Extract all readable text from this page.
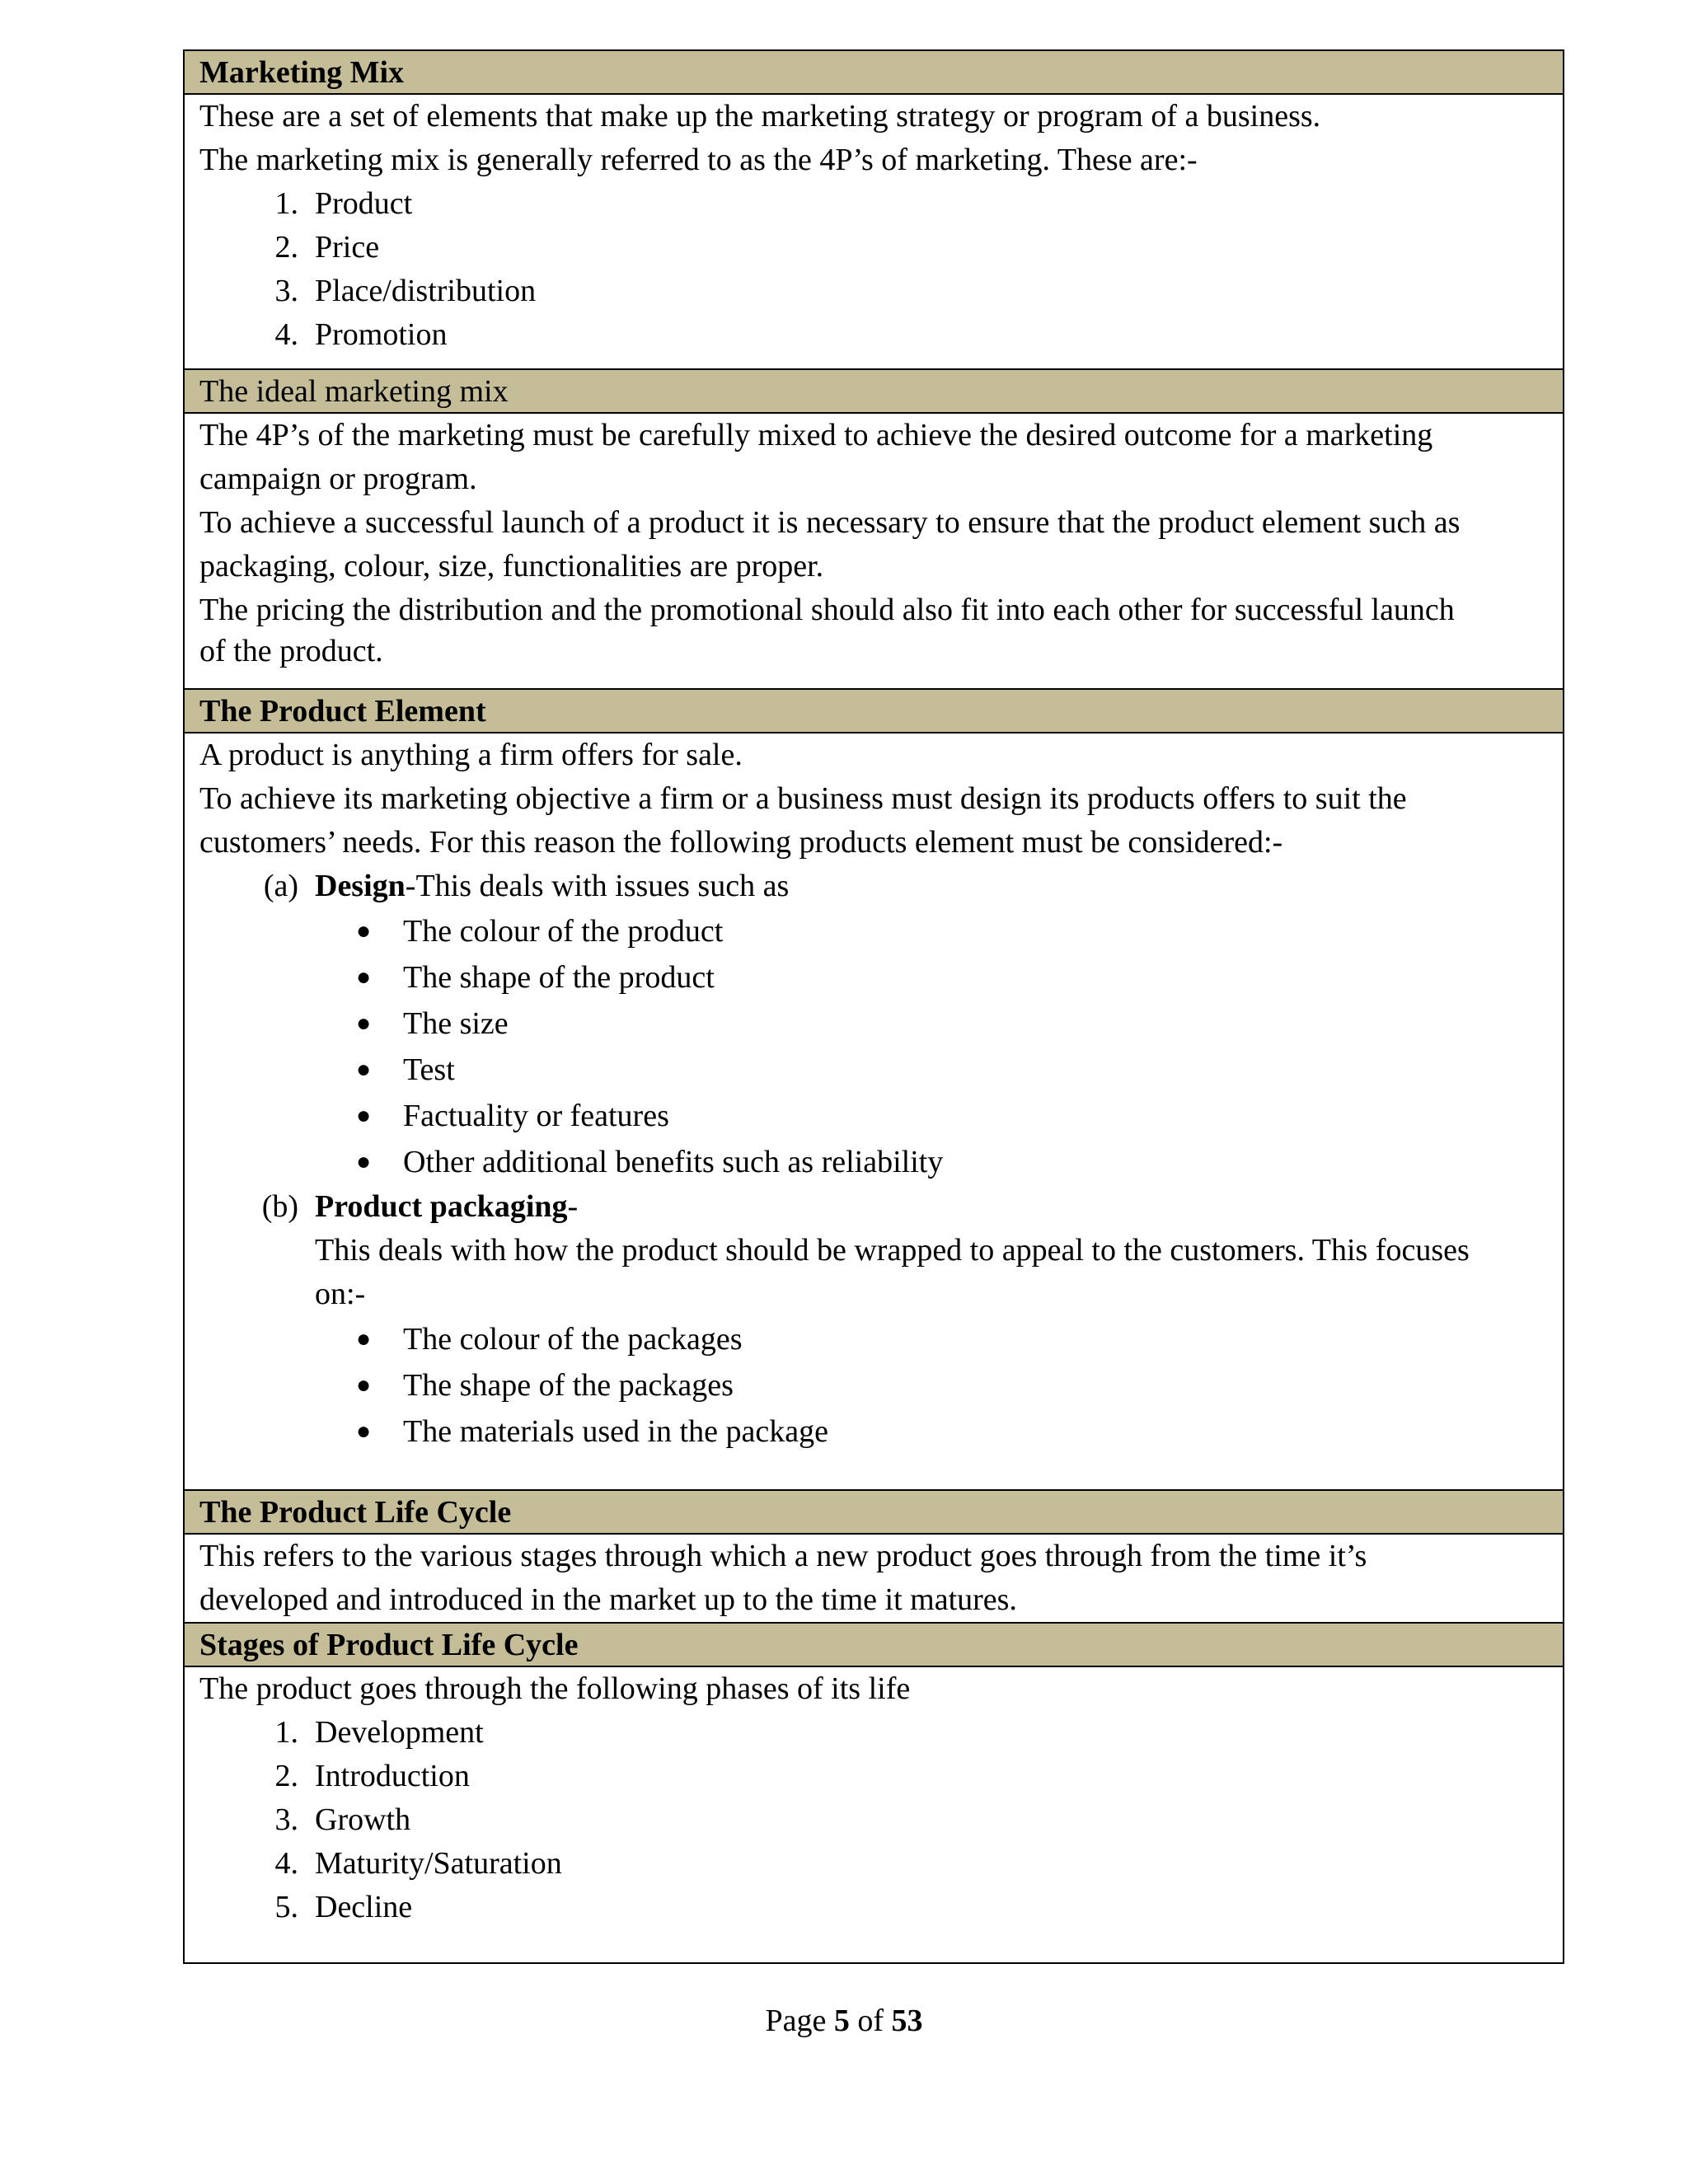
Marketing Mix
These are a set of elements that make up the marketing strategy or program of a business.
The marketing mix is generally referred to as the 4P’s of marketing. These are:-
1. Product
2. Price
3. Place/distribution
4. Promotion
The ideal marketing mix
The 4P’s of the marketing must be carefully mixed to achieve the desired outcome for a marketing
campaign or program.
To achieve a successful launch of a product it is necessary to ensure that the product element such as
packaging, colour, size, functionalities are proper.
The pricing the distribution and the promotional should also fit into each other for successful launch
of the product.
The Product Element
A product is anything a firm offers for sale.
To achieve its marketing objective a firm or a business must design its products offers to suit the
customers’ needs. For this reason the following products element must be considered:-
(a) Design-This deals with issues such as
● The colour of the product
● The shape of the product
● The size
● Test
● Factuality or features
● Other additional benefits such as reliability
(b) Product packaging-
This deals with how the product should be wrapped to appeal to the customers. This focuses
on:-
● The colour of the packages
● The shape of the packages
● The materials used in the package
The Product Life Cycle
This refers to the various stages through which a new product goes through from the time it’s
developed and introduced in the market up to the time it matures.
Stages of Product Life Cycle
The product goes through the following phases of its life
1. Development
2. Introduction
3. Growth
4. Maturity/Saturation
5. Decline
Page 5 of 53
